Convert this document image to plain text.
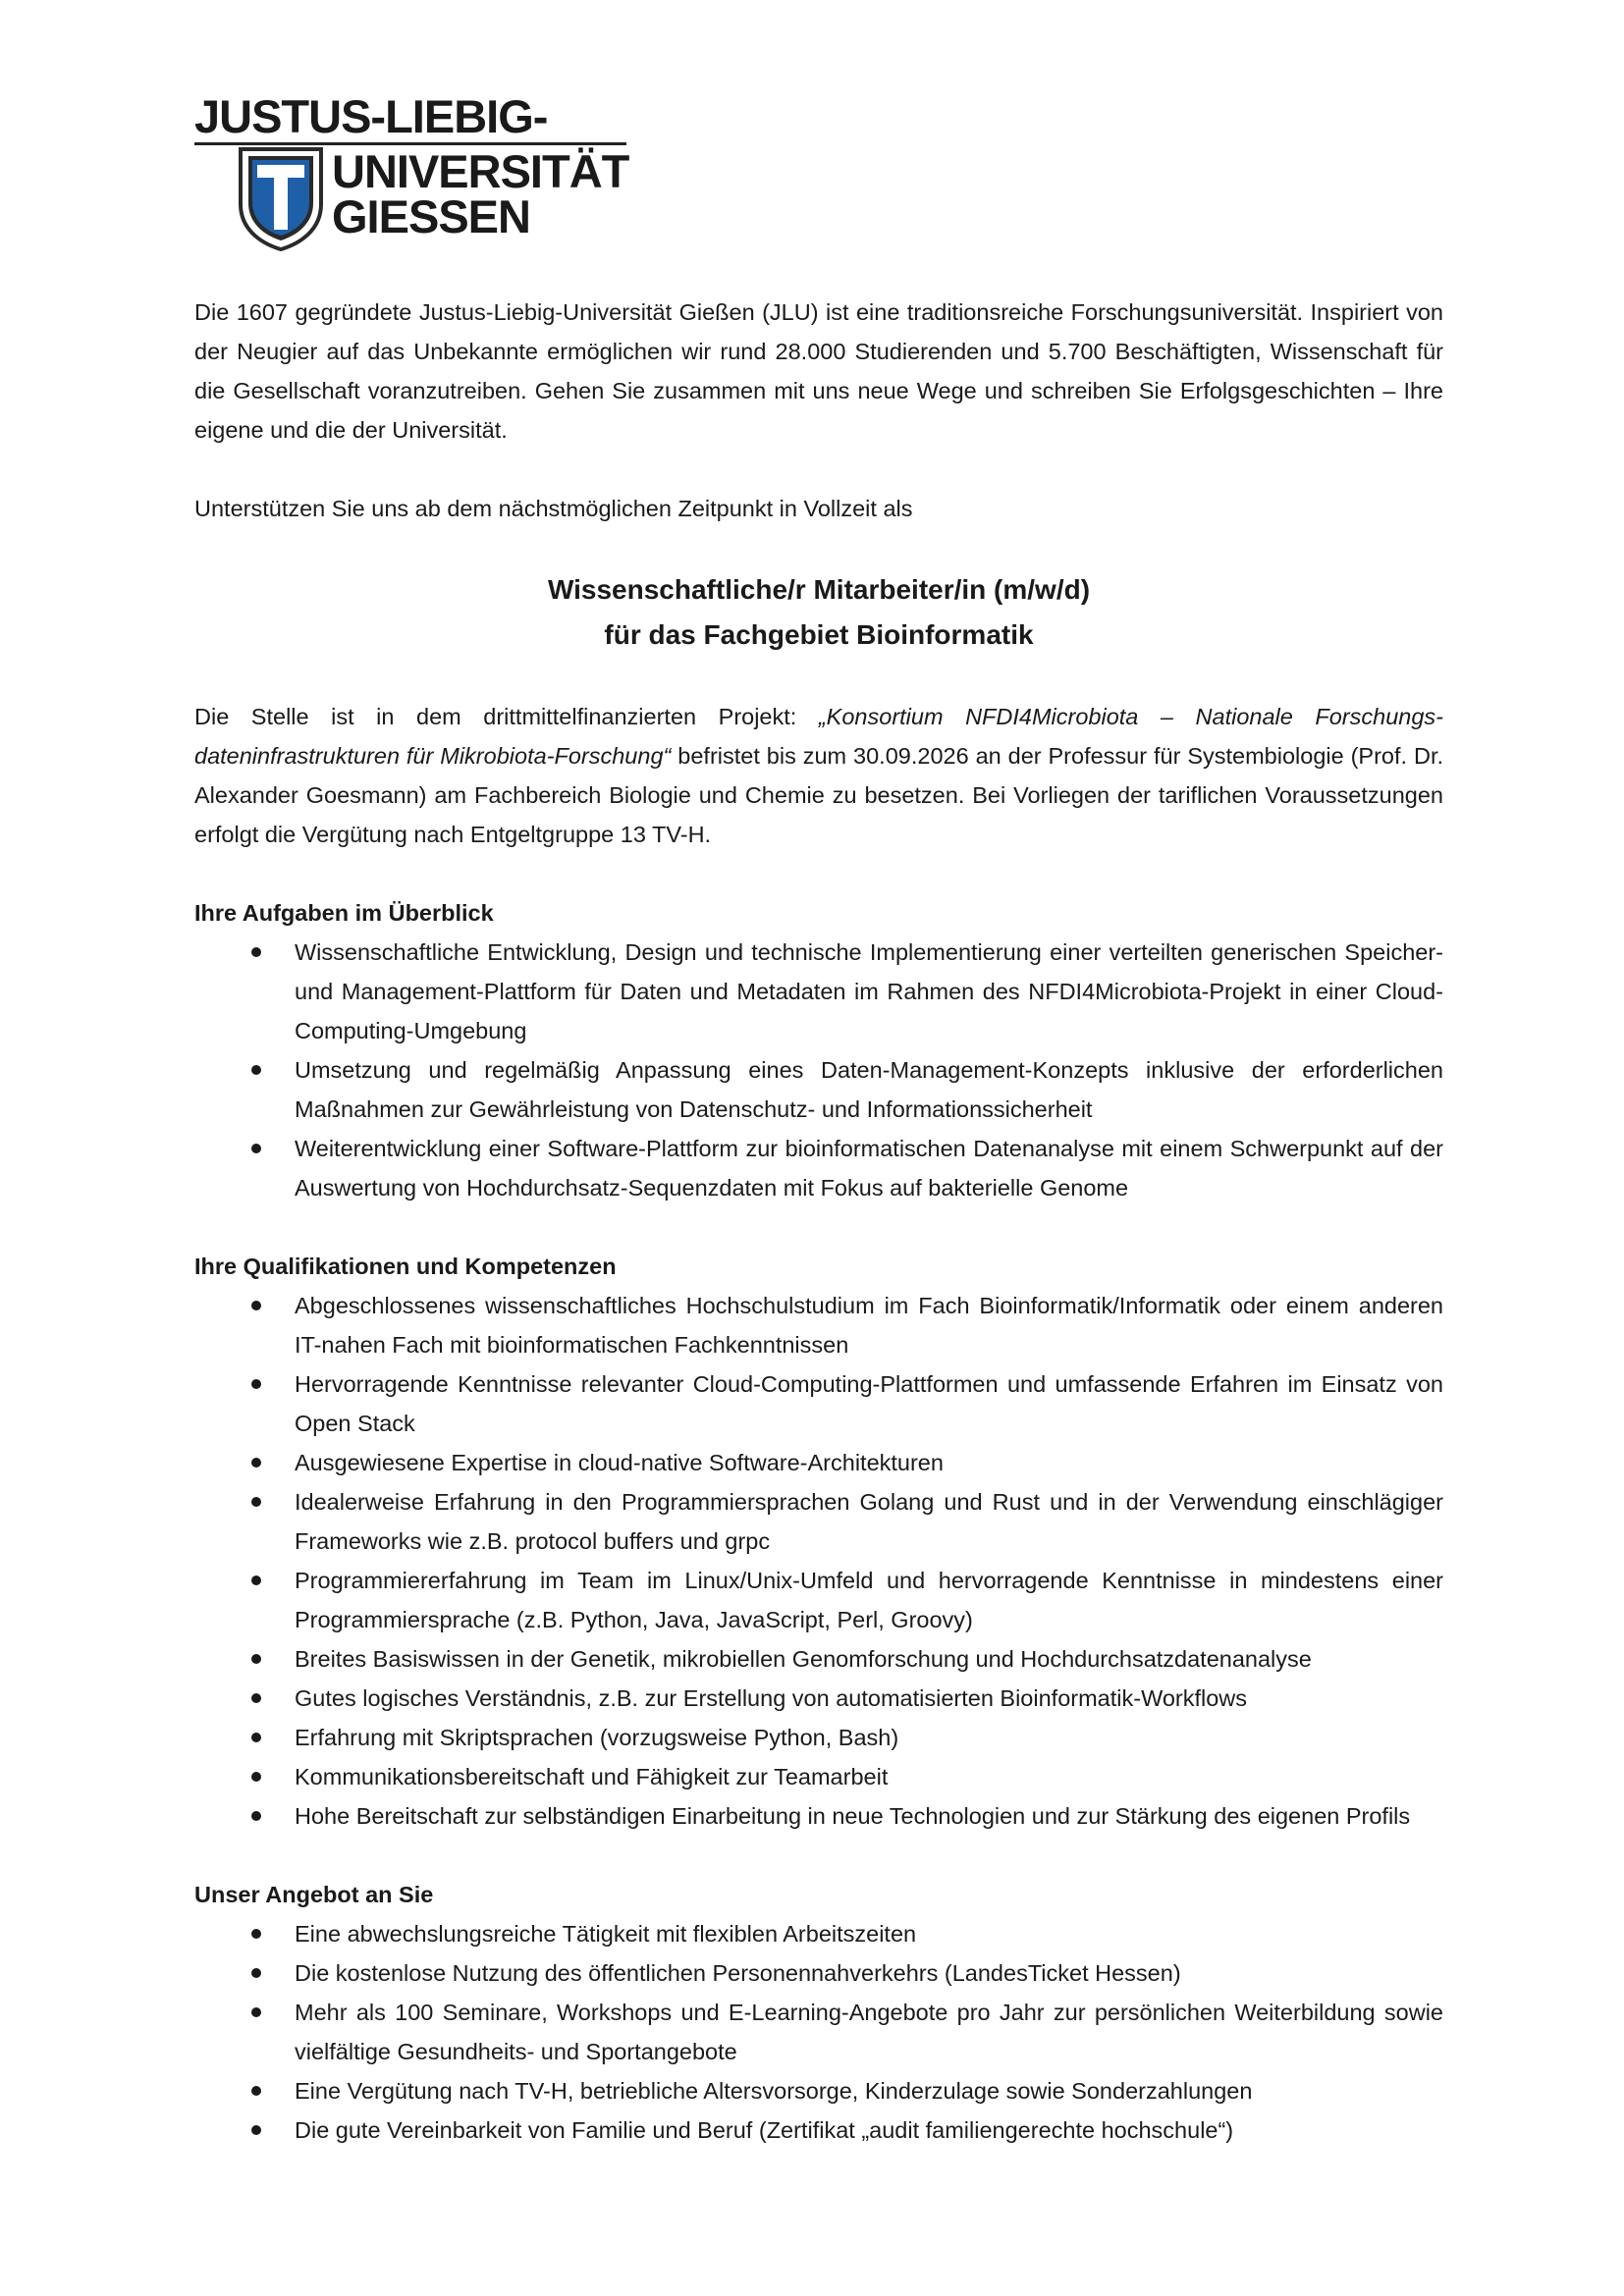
JUSTUS-LIEBIG-
UNIVERSITÄT
GIESSEN

Die 1607 gegründete Justus-Liebig-Universität Gießen (JLU) ist eine traditionsreiche Forschungsuniversität. Inspiriert von der Neugier auf das Unbekannte ermöglichen wir rund 28.000 Studierenden und 5.700 Beschäftigten, Wissenschaft für die Gesellschaft voranzutreiben. Gehen Sie zusammen mit uns neue Wege und schreiben Sie Erfolgsgeschichten – Ihre eigene und die der Universität.

Unterstützen Sie uns ab dem nächstmöglichen Zeitpunkt in Vollzeit als

Wissenschaftliche/r Mitarbeiter/in (m/w/d)

für das Fachgebiet Bioinformatik

Die Stelle ist in dem drittmittelfinanzierten Projekt: „Konsortium NFDI4Microbiota – Nationale Forschungsdateninfrastrukturen für Mikrobiota-Forschung“ befristet bis zum 30.09.2026 an der Professur für Systembiologie (Prof. Dr. Alexander Goesmann) am Fachbereich Biologie und Chemie zu besetzen. Bei Vorliegen der tariflichen Voraussetzungen erfolgt die Vergütung nach Entgeltgruppe 13 TV-H.

Ihre Aufgaben im Überblick

Wissenschaftliche Entwicklung, Design und technische Implementierung einer verteilten generischen Speicher- und Management-Plattform für Daten und Metadaten im Rahmen des NFDI4Microbiota-Projekt in einer Cloud-Computing-Umgebung
Umsetzung und regelmäßig Anpassung eines Daten-Management-Konzepts inklusive der erforderlichen Maßnahmen zur Gewährleistung von Datenschutz- und Informationssicherheit
Weiterentwicklung einer Software-Plattform zur bioinformatischen Datenanalyse mit einem Schwerpunkt auf der Auswertung von Hochdurchsatz-Sequenzdaten mit Fokus auf bakterielle Genome

Ihre Qualifikationen und Kompetenzen

Abgeschlossenes wissenschaftliches Hochschulstudium im Fach Bioinformatik/Informatik oder einem anderen IT-nahen Fach mit bioinformatischen Fachkenntnissen
Hervorragende Kenntnisse relevanter Cloud-Computing-Plattformen und umfassende Erfahren im Einsatz von Open Stack
Ausgewiesene Expertise in cloud-native Software-Architekturen
Idealerweise Erfahrung in den Programmiersprachen Golang und Rust und in der Verwendung einschlägiger Frameworks wie z.B. protocol buffers und grpc
Programmiererfahrung im Team im Linux/Unix-Umfeld und hervorragende Kenntnisse in mindestens einer Programmiersprache (z.B. Python, Java, JavaScript, Perl, Groovy)
Breites Basiswissen in der Genetik, mikrobiellen Genomforschung und Hochdurchsatzdatenanalyse
Gutes logisches Verständnis, z.B. zur Erstellung von automatisierten Bioinformatik-Workflows
Erfahrung mit Skriptsprachen (vorzugsweise Python, Bash)
Kommunikationsbereitschaft und Fähigkeit zur Teamarbeit
Hohe Bereitschaft zur selbständigen Einarbeitung in neue Technologien und zur Stärkung des eigenen Profils

Unser Angebot an Sie

Eine abwechslungsreiche Tätigkeit mit flexiblen Arbeitszeiten
Die kostenlose Nutzung des öffentlichen Personennahverkehrs (LandesTicket Hessen)
Mehr als 100 Seminare, Workshops und E-Learning-Angebote pro Jahr zur persönlichen Weiterbildung sowie vielfältige Gesundheits- und Sportangebote
Eine Vergütung nach TV-H, betriebliche Altersvorsorge, Kinderzulage sowie Sonderzahlungen
Die gute Vereinbarkeit von Familie und Beruf (Zertifikat „audit familiengerechte hochschule“)
